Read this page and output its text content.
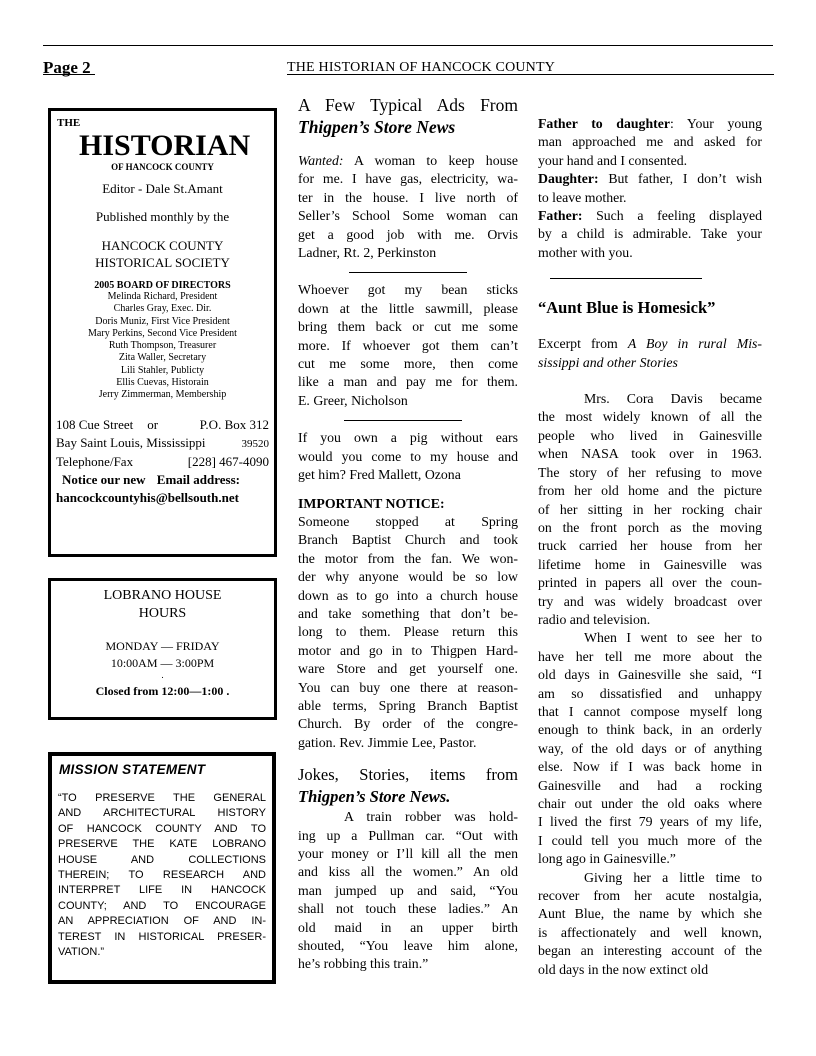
Page 2	THE HISTORIAN OF HANCOCK COUNTY
THE
HISTORIAN
OF HANCOCK COUNTY
Editor - Dale St.Amant
Published monthly by the
HANCOCK COUNTY
HISTORICAL SOCIETY
2005 BOARD OF DIRECTORS
Melinda Richard, President
Charles Gray, Exec. Dir.
Doris Muniz, First Vice President
Mary Perkins, Second Vice President
Ruth Thompson, Treasurer
Zita Waller, Secretary
Lili Stahler, Publicty
Ellis Cuevas, Historain
Jerry Zimmerman, Membership
108 Cue Street or	P.O. Box 312
Bay Saint Louis, Mississippi	39520
Telephone/Fax	[228] 467-4090
Notice our new Email address:
hancockcountyhis@bellsouth.net
LOBRANO HOUSE
HOURS
MONDAY — FRIDAY
10:00AM — 3:00PM
.
Closed from 12:00—1:00 .
MISSION STATEMENT
“TO PRESERVE THE GENERAL
AND ARCHITECTURAL HISTORY
OF HANCOCK COUNTY AND TO
PRESERVE THE KATE LOBRANO
HOUSE AND COLLECTIONS
THEREIN; TO RESEARCH AND
INTERPRET LIFE IN HANCOCK
COUNTY; AND TO ENCOURAGE
AN APPRECIATION OF AND IN-
TEREST IN HISTORICAL PRESER-
VATION.”
A Few Typical Ads From
Thigpen’s Store News
Wanted: A woman to keep house
for me. I have gas, electricity, wa-
ter in the house. I live north of
Seller’s School Some woman can
get a good job with me. Orvis
Ladner, Rt. 2, Perkinston
Whoever got my bean sticks
down at the little sawmill, please
bring them back or cut me some
more. If whoever got them can’t
cut me some more, then come
like a man and pay me for them.
E. Greer, Nicholson
If you own a pig without ears
would you come to my house and
get him? Fred Mallett, Ozona
IMPORTANT NOTICE:
Someone stopped at Spring
Branch Baptist Church and took
the motor from the fan. We won-
der why anyone would be so low
down as to go into a church house
and take something that don’t be-
long to them. Please return this
motor and go in to Thigpen Hard-
ware Store and get yourself one.
You can buy one there at reason-
able terms, Spring Branch Baptist
Church. By order of the congre-
gation. Rev. Jimmie Lee, Pastor.
Jokes, Stories, items from
Thigpen’s Store News.
A train robber was hold-
ing up a Pullman car. “Out with
your money or I’ll kill all the men
and kiss all the women.” An old
man jumped up and said, “You
shall not touch these ladies.” An
old maid in an upper birth
shouted, “You leave him alone,
he’s robbing this train.”
Father to daughter: Your young
man approached me and asked for
your hand and I consented.
Daughter: But father, I don’t wish
to leave mother.
Father: Such a feeling displayed
by a child is admirable. Take your
mother with you.
“Aunt Blue is Homesick”
Excerpt from A Boy in rural Mis-
sissippi and other Stories
Mrs. Cora Davis became
the most widely known of all the
people who lived in Gainesville
when NASA took over in 1963.
The story of her refusing to move
from her old home and the picture
of her sitting in her rocking chair
on the front porch as the moving
truck carried her house from her
lifetime home in Gainesville was
printed in papers all over the coun-
try and was widely broadcast over
radio and television.
When I went to see her to
have her tell me more about the
old days in Gainesville she said, “I
am so dissatisfied and unhappy
that I cannot compose myself long
enough to think back, in an orderly
way, of the old days or of anything
else. Now if I was back home in
Gainesville and had a rocking
chair out under the old oaks where
I lived the first 79 years of my life,
I could tell you much more of the
long ago in Gainesville.”
Giving her a little time to
recover from her acute nostalgia,
Aunt Blue, the name by which she
is affectionately and well known,
began an interesting account of the
old days in the now extinct old
